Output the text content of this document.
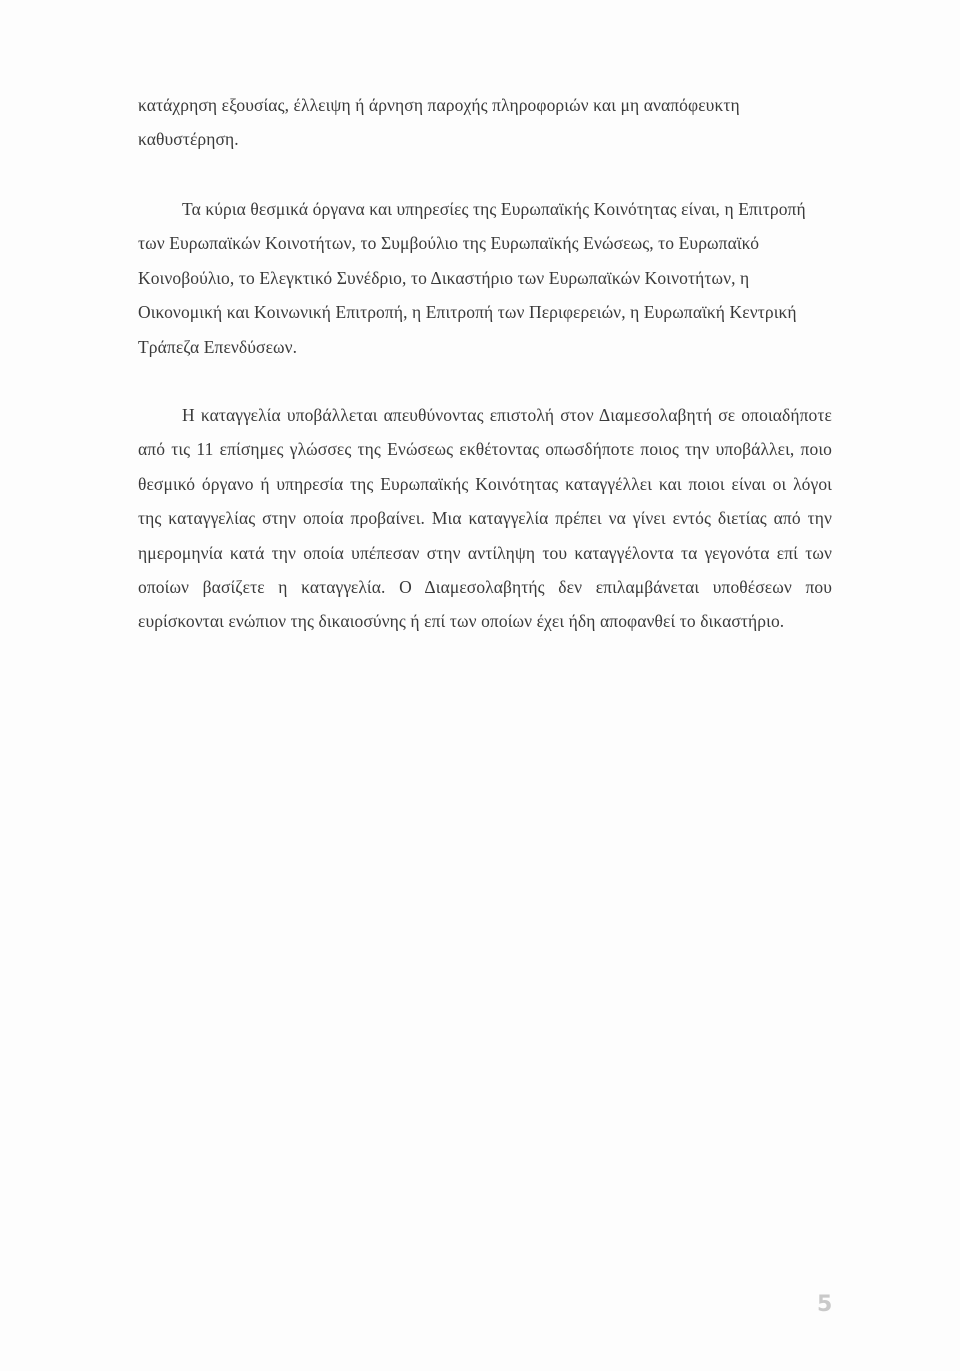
κατάχρηση εξουσίας, έλλειψη ή άρνηση παροχής πληροφοριών και μη αναπόφευκτη καθυστέρηση.

Τα κύρια θεσμικά όργανα και υπηρεσίες της Ευρωπαϊκής Κοινότητας είναι, η Επιτροπή των Ευρωπαϊκών Κοινοτήτων, το Συμβούλιο της Ευρωπαϊκής Ενώσεως, το Ευρωπαϊκό Κοινοβούλιο, το Ελεγκτικό Συνέδριο, το Δικαστήριο των Ευρωπαϊκών Κοινοτήτων, η Οικονομική και Κοινωνική Επιτροπή, η Επιτροπή των Περιφερειών, η Ευρωπαϊκή Κεντρική Τράπεζα Επενδύσεων.

Η καταγγελία υποβάλλεται απευθύνοντας επιστολή στον Διαμεσολαβητή σε οποιαδήποτε από τις 11 επίσημες γλώσσες της Ενώσεως εκθέτοντας οπωσδήποτε ποιος την υποβάλλει, ποιο θεσμικό όργανο ή υπηρεσία της Ευρωπαϊκής Κοινότητας καταγγέλλει και ποιοι είναι οι λόγοι της καταγγελίας στην οποία προβαίνει. Μια καταγγελία πρέπει να γίνει εντός διετίας από την ημερομηνία κατά την οποία υπέπεσαν στην αντίληψη του καταγγέλοντα τα γεγονότα επί των οποίων βασίζετε η καταγγελία. Ο Διαμεσολαβητής δεν επιλαμβάνεται υποθέσεων που ευρίσκονται ενώπιον της δικαιοσύνης ή επί των οποίων έχει ήδη αποφανθεί το δικαστήριο.

5
